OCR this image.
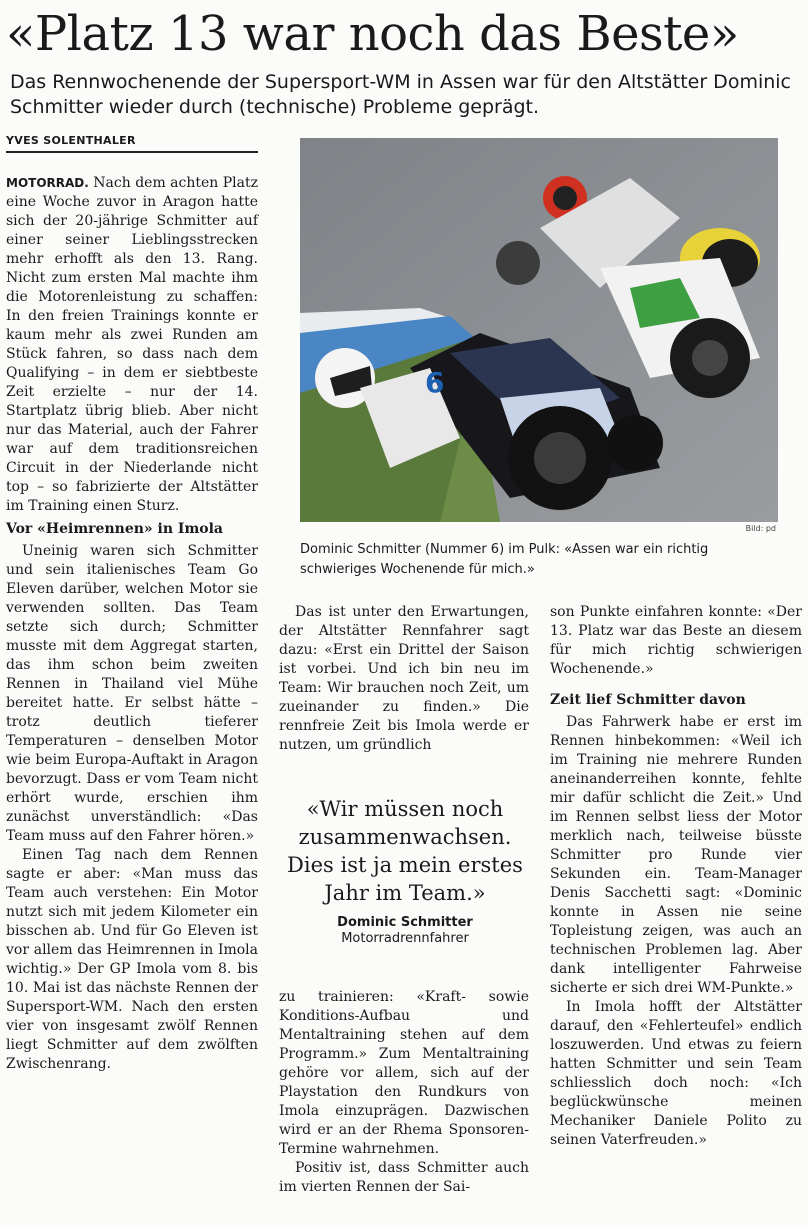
«Platz 13 war noch das Beste»

Das Rennwochenende der Supersport-WM in Assen war für den Altstätter Dominic Schmitter wieder durch (technische) Probleme geprägt.

YVES SOLENTHALER

MOTORRAD. Nach dem achten Platz eine Woche zuvor in Aragon hatte sich der 20-jährige Schmitter auf einer seiner Lieblingsstrecken mehr erhofft als den 13. Rang. Nicht zum ersten Mal machte ihm die Motorenleistung zu schaffen: In den freien Trainings konnte er kaum mehr als zwei Runden am Stück fahren, so dass nach dem Qualifying – in dem er siebtbeste Zeit erzielte – nur der 14. Startplatz übrig blieb. Aber nicht nur das Material, auch der Fahrer war auf dem traditionsreichen Circuit in der Niederlande nicht top – so fabrizierte der Altstätter im Training einen Sturz.

Vor «Heimrennen» in Imola

Uneinig waren sich Schmitter und sein italienisches Team Go Eleven darüber, welchen Motor sie verwenden sollten. Das Team setzte sich durch; Schmitter musste mit dem Aggregat starten, das ihm schon beim zweiten Rennen in Thailand viel Mühe bereitet hatte. Er selbst hätte – trotz deutlich tieferer Temperaturen – denselben Motor wie beim Europa-Auftakt in Aragon bevorzugt. Dass er vom Team nicht erhört wurde, erschien ihm zunächst unverständlich: «Das Team muss auf den Fahrer hören.»

Einen Tag nach dem Rennen sagte er aber: «Man muss das Team auch verstehen: Ein Motor nutzt sich mit jedem Kilometer ein bisschen ab. Und für Go Eleven ist vor allem das Heimrennen in Imola wichtig.» Der GP Imola vom 8. bis 10. Mai ist das nächste Rennen der Supersport-WM. Nach den ersten vier von insgesamt zwölf Rennen liegt Schmitter auf dem zwölften Zwischenrang.

6
Bild: pd
Dominic Schmitter (Nummer 6) im Pulk: «Assen war ein richtig schwieriges Wochenende für mich.»

Das ist unter den Erwartungen, der Altstätter Rennfahrer sagt dazu: «Erst ein Drittel der Saison ist vorbei. Und ich bin neu im Team: Wir brauchen noch Zeit, um zueinander zu finden.» Die rennfreie Zeit bis Imola werde er nutzen, um gründlich

«Wir müssen noch zusammenwachsen. Dies ist ja mein erstes Jahr im Team.»

Dominic Schmitter
Motorradrennfahrer

zu trainieren: «Kraft- sowie Konditions-Aufbau und Mentaltraining stehen auf dem Programm.» Zum Mentaltraining gehöre vor allem, sich auf der Playstation den Rundkurs von Imola einzuprägen. Dazwischen wird er an der Rhema Sponsoren-Termine wahrnehmen.

Positiv ist, dass Schmitter auch im vierten Rennen der Sai-

son Punkte einfahren konnte: «Der 13. Platz war das Beste an diesem für mich richtig schwierigen Wochenende.»

Zeit lief Schmitter davon

Das Fahrwerk habe er erst im Rennen hinbekommen: «Weil ich im Training nie mehrere Runden aneinanderreihen konnte, fehlte mir dafür schlicht die Zeit.» Und im Rennen selbst liess der Motor merklich nach, teilweise büsste Schmitter pro Runde vier Sekunden ein. Team-Manager Denis Sacchetti sagt: «Dominic konnte in Assen nie seine Topleistung zeigen, was auch an technischen Problemen lag. Aber dank intelligenter Fahrweise sicherte er sich drei WM-Punkte.»

In Imola hofft der Altstätter darauf, den «Fehlerteufel» endlich loszuwerden. Und etwas zu feiern hatten Schmitter und sein Team schliesslich doch noch: «Ich beglückwünsche meinen Mechaniker Daniele Polito zu seinen Vaterfreuden.»
